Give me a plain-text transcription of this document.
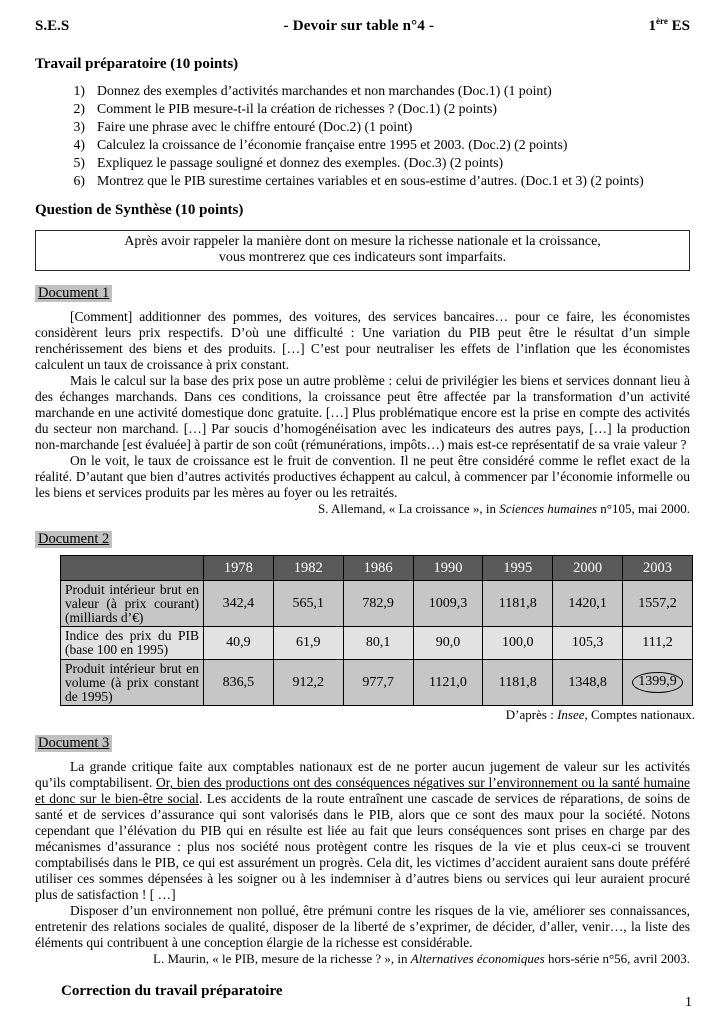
S.E.S	- Devoir sur table n°4 -	1ère ES
Travail préparatoire (10 points)
1) Donnez des exemples d’activités marchandes et non marchandes (Doc.1) (1 point)
2) Comment le PIB mesure-t-il la création de richesses ? (Doc.1) (2 points)
3) Faire une phrase avec le chiffre entouré (Doc.2) (1 point)
4) Calculez la croissance de l’économie française entre 1995 et 2003. (Doc.2) (2 points)
5) Expliquez le passage souligné et donnez des exemples. (Doc.3) (2 points)
6) Montrez que le PIB surestime certaines variables et en sous-estime d’autres. (Doc.1 et 3) (2 points)
Question de Synthèse (10 points)
Après avoir rappeler la manière dont on mesure la richesse nationale et la croissance,
vous montrerez que ces indicateurs sont imparfaits.
Document 1

[Comment] additionner des pommes, des voitures, des services bancaires… pour ce faire, les économistes considèrent leurs prix respectifs. D’où une difficulté : Une variation du PIB peut être le résultat d’un simple renchérissement des biens et des produits. […] C’est pour neutraliser les effets de l’inflation que les économistes calculent un taux de croissance à prix constant.

Mais le calcul sur la base des prix pose un autre problème : celui de privilégier les biens et services donnant lieu à des échanges marchands. Dans ces conditions, la croissance peut être affectée par la transformation d’un activité marchande en une activité domestique donc gratuite. […] Plus problématique encore est la prise en compte des activités du secteur non marchand. […] Par soucis d’homogénéisation avec les indicateurs des autres pays, […] la production non-marchande [est évaluée] à partir de son coût (rémunérations, impôts…) mais est-ce représentatif de sa vraie valeur ?

On le voit, le taux de croissance est le fruit de convention. Il ne peut être considéré comme le reflet exact de la réalité. D’autant que bien d’autres activités productives échappent au calcul, à commencer par l’économie informelle ou les biens et services produits par les mères au foyer ou les retraités.

S. Allemand, « La croissance », in Sciences humaines n°105, mai 2000.

Document 2
	1978	1982	1986	1990	1995	2000	2003
Produit intérieur brut en valeur (à prix courant) (milliards d’€)	342,4	565,1	782,9	1009,3	1181,8	1420,1	1557,2
Indice des prix du PIB (base 100 en 1995)	40,9	61,9	80,1	90,0	100,0	105,3	111,2
Produit intérieur brut en volume (à prix constant de 1995)	836,5	912,2	977,7	1121,0	1181,8	1348,8	1399,9

D’après : Insee, Comptes nationaux.

Document 3

La grande critique faite aux comptables nationaux est de ne porter aucun jugement de valeur sur les activités qu’ils comptabilisent. Or, bien des productions ont des conséquences négatives sur l’environnement ou la santé humaine et donc sur le bien-être social. Les accidents de la route entraînent une cascade de services de réparations, de soins de santé et de services d’assurance qui sont valorisés dans le PIB, alors que ce sont des maux pour la société. Notons cependant que l’élévation du PIB qui en résulte est liée au fait que leurs conséquences sont prises en charge par des mécanismes d’assurance : plus nos société nous protègent contre les risques de la vie et plus ceux-ci se trouvent comptabilisés dans le PIB, ce qui est assurément un progrès. Cela dit, les victimes d’accident auraient sans doute préféré utiliser ces sommes dépensées à les soigner ou à les indemniser à d’autres biens ou services qui leur auraient procuré plus de satisfaction ! [ …]

Disposer d’un environnement non pollué, être prémuni contre les risques de la vie, améliorer ses connaissances, entretenir des relations sociales de qualité, disposer de la liberté de s’exprimer, de décider, d’aller, venir…, la liste des éléments qui contribuent à une conception élargie de la richesse est considérable.

L. Maurin, « le PIB, mesure de la richesse ? », in Alternatives économiques hors-série n°56, avril 2003.

Correction du travail préparatoire
1
